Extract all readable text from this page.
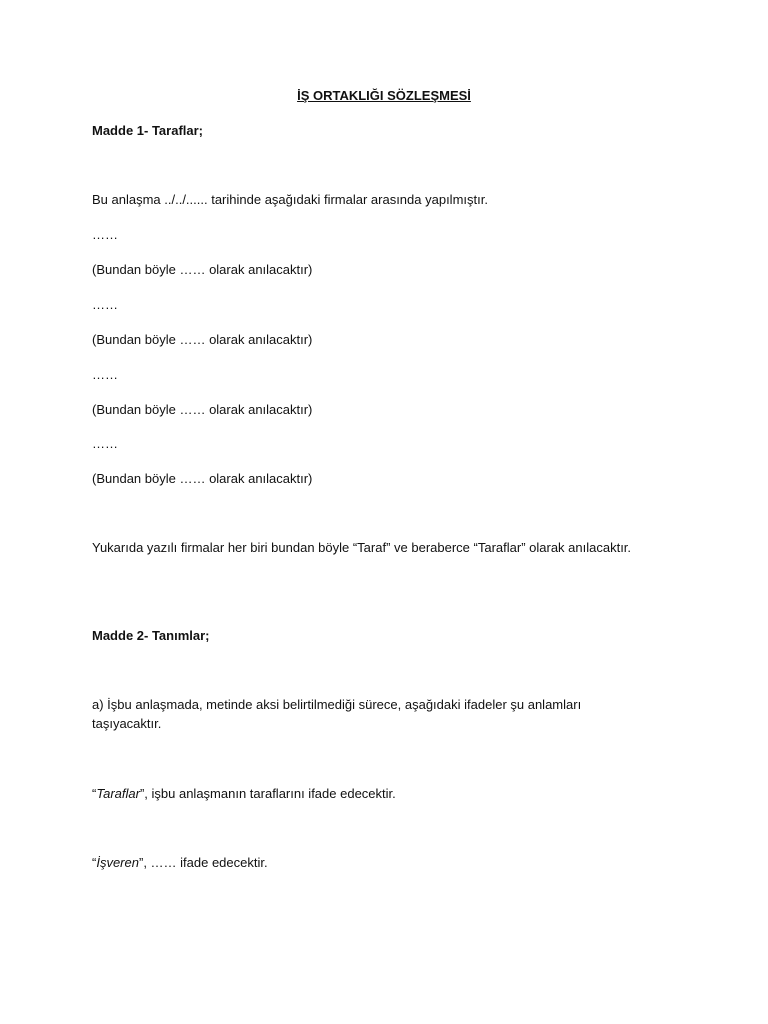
İŞ ORTAKLIĞI SÖZLEŞMESİ

Madde 1- Taraflar;

Bu anlaşma ../../...... tarihinde aşağıdaki firmalar arasında yapılmıştır.

……

(Bundan böyle …… olarak anılacaktır)

……

(Bundan böyle …… olarak anılacaktır)

……

(Bundan böyle …… olarak anılacaktır)

……

(Bundan böyle …… olarak anılacaktır)

Yukarıda yazılı firmalar her biri bundan böyle “Taraf” ve beraberce “Taraflar” olarak anılacaktır.

Madde 2- Tanımlar;

a) İşbu anlaşmada, metinde aksi belirtilmediği sürece, aşağıdaki ifadeler şu anlamları taşıyacaktır.

“Taraflar”, işbu anlaşmanın taraflarını ifade edecektir.

“İşveren”, …… ifade edecektir.
